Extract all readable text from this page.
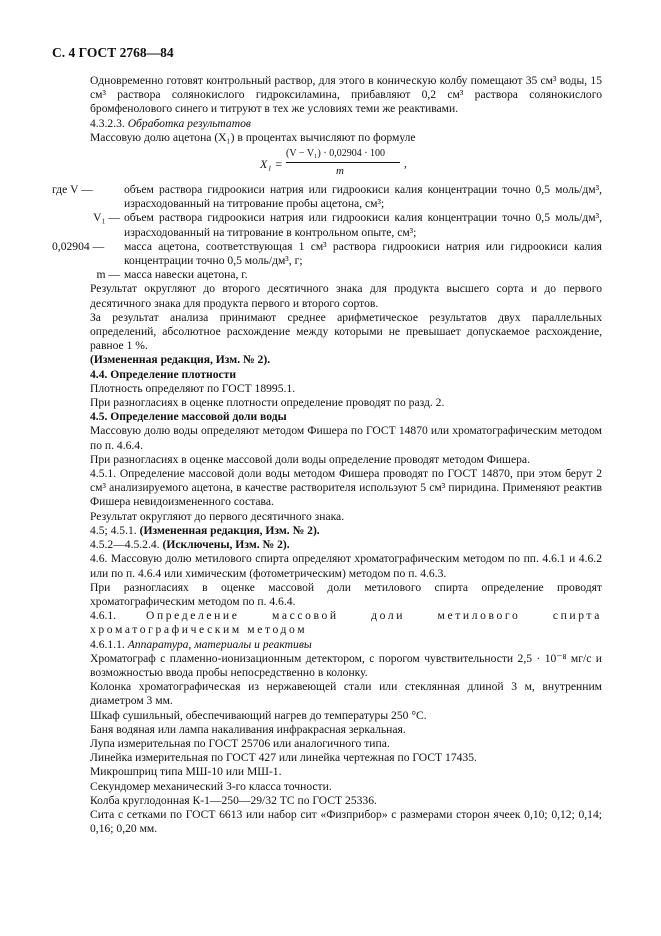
С. 4 ГОСТ 2768—84

Одновременно готовят контрольный раствор, для этого в коническую колбу помещают 35 см³ воды, 15 см³ раствора солянокислого гидроксиламина, прибавляют 0,2 см³ раствора солянокислого бромфенолового синего и титруют в тех же условиях теми же реактивами.

4.3.2.3. Обработка результатов

Массовую долю ацетона (X₁) в процентах вычисляют по формуле

X₁ =
(V − V₁) · 0,02904 · 100
m
,
где V —	объем раствора гидроокиси натрия или гидроокиси калия концентрации точно 0,5 моль/дм³, израсходованный на титрование пробы ацетона, см³;
V₁ — объем раствора гидроокиси натрия или гидроокиси калия концентрации точно 0,5 моль/дм³, израсходованный на титрование в контрольном опыте, см³;
0,02904 —	масса ацетона, соответствующая 1 см³ раствора гидроокиси натрия или гидроокиси калия концентрации точно 0,5 моль/дм³, г;
m — масса навески ацетона, г.

Результат округляют до второго десятичного знака для продукта высшего сорта и до первого десятичного знака для продукта первого и второго сортов.

За результат анализа принимают среднее арифметическое результатов двух параллельных определений, абсолютное расхождение между которыми не превышает допускаемое расхождение, равное 1 %.

(Измененная редакция, Изм. № 2).

4.4. Определение плотности

Плотность определяют по ГОСТ 18995.1.

При разногласиях в оценке плотности определение проводят по разд. 2.

4.5. Определение массовой доли воды

Массовую долю воды определяют методом Фишера по ГОСТ 14870 или хроматографическим методом по п. 4.6.4.

При разногласиях в оценке массовой доли воды определение проводят методом Фишера.

4.5.1. Определение массовой доли воды методом Фишера проводят по ГОСТ 14870, при этом берут 2 см³ анализируемого ацетона, в качестве растворителя используют 5 см³ пиридина. Применяют реактив Фишера невидоизмененного состава.

Результат округляют до первого десятичного знака.

4.5; 4.5.1. (Измененная редакция, Изм. № 2).

4.5.2—4.5.2.4. (Исключены, Изм. № 2).

4.6. Массовую долю метилового спирта определяют хроматографическим методом по пп. 4.6.1 и 4.6.2 или по п. 4.6.4 или химическим (фотометрическим) методом по п. 4.6.3.

При разногласиях в оценке массовой доли метилового спирта определение проводят хроматографическим методом по п. 4.6.4.

4.6.1.	Определение массовой доли метилового спирта хроматографическим методом

4.6.1.1. Аппаратура, материалы и реактивы

Хроматограф с пламенно-ионизационным детектором, с порогом чувствительности 2,5 · 10⁻⁸ мг/с и возможностью ввода пробы непосредственно в колонку.

Колонка хроматографическая из нержавеющей стали или стеклянная длиной 3 м, внутренним диаметром 3 мм.

Шкаф сушильный, обеспечивающий нагрев до температуры 250 °С.

Баня водяная или лампа накаливания инфракрасная зеркальная.

Лупа измерительная по ГОСТ 25706 или аналогичного типа.

Линейка измерительная по ГОСТ 427 или линейка чертежная по ГОСТ 17435.

Микрошприц типа МШ-10 или МШ-1.

Секундомер механический 3-го класса точности.

Колба круглодонная К-1—250—29/32 ТС по ГОСТ 25336.

Сита с сетками по ГОСТ 6613 или набор сит «Физприбор» с размерами сторон ячеек 0,10; 0,12; 0,14; 0,16; 0,20 мм.
